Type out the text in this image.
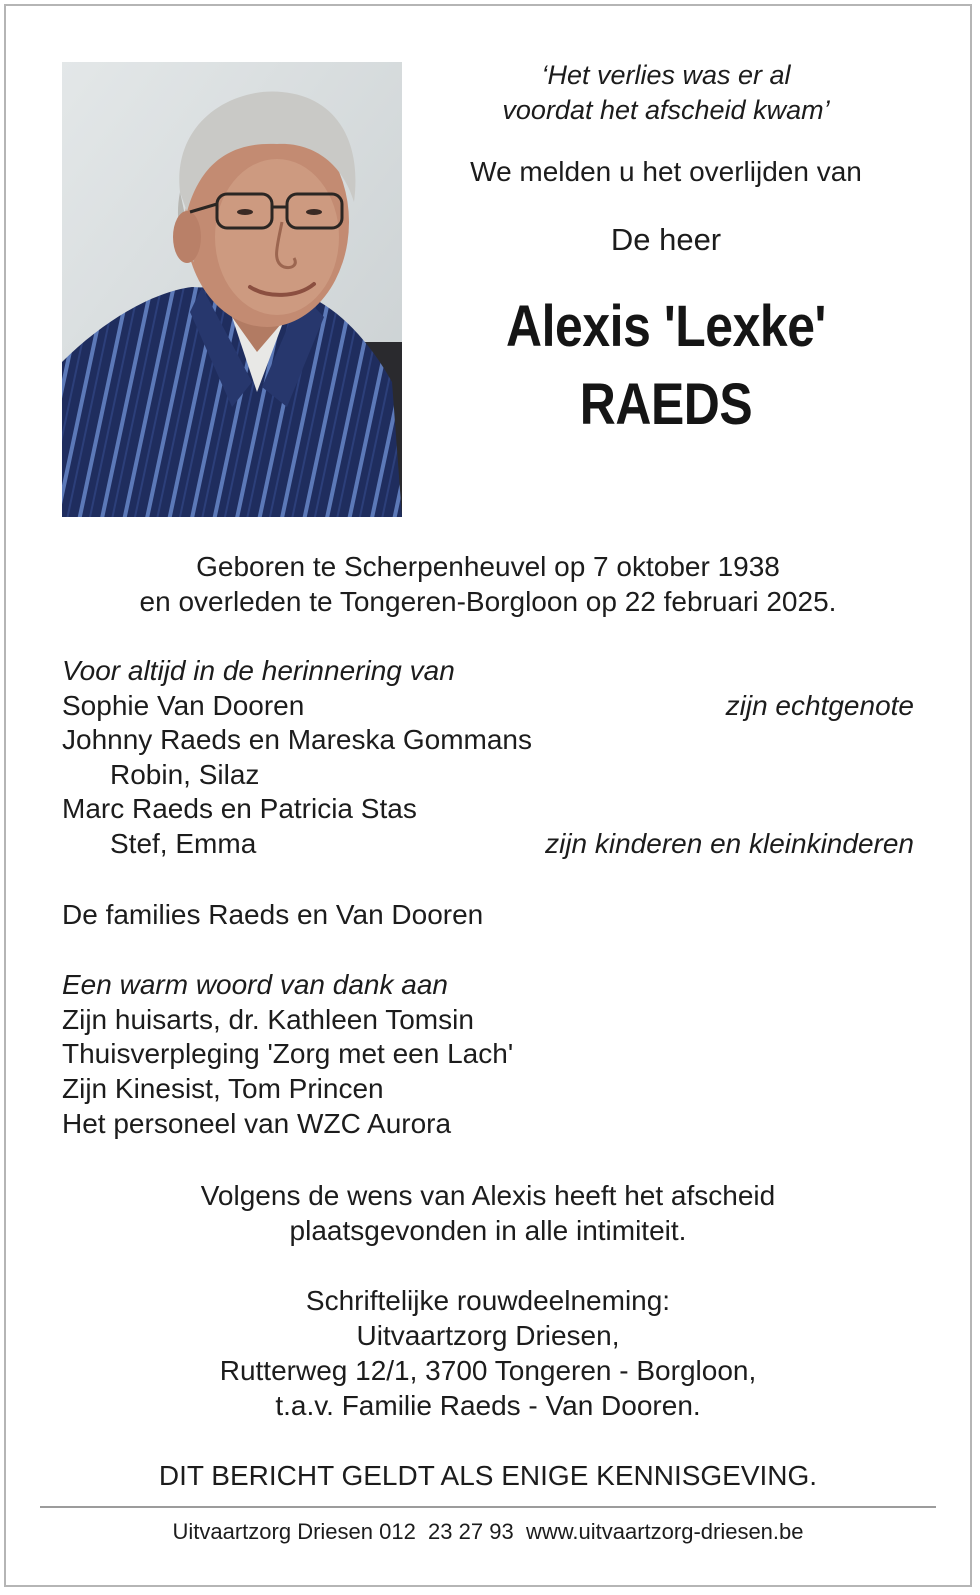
‘Het verlies was er al
voordat het afscheid kwam’
We melden u het overlijden van
De heer
Alexis 'Lexke'
RAEDS
Geboren te Scherpenheuvel op 7 oktober 1938
en overleden te Tongeren-Borgloon op 22 februari 2025.
Voor altijd in de herinnering van
Sophie Van Dooren	zijn echtgenote
Johnny Raeds en Mareska Gommans
Robin, Silaz
Marc Raeds en Patricia Stas
Stef, Emma	zijn kinderen en kleinkinderen
De families Raeds en Van Dooren
Een warm woord van dank aan
Zijn huisarts, dr. Kathleen Tomsin
Thuisverpleging 'Zorg met een Lach'
Zijn Kinesist, Tom Princen
Het personeel van WZC Aurora
Volgens de wens van Alexis heeft het afscheid
plaatsgevonden in alle intimiteit.
Schriftelijke rouwdeelneming:
Uitvaartzorg Driesen,
Rutterweg 12/1, 3700 Tongeren - Borgloon,
t.a.v. Familie Raeds - Van Dooren.
DIT BERICHT GELDT ALS ENIGE KENNISGEVING.
Uitvaartzorg Driesen 012  23 27 93 www.uitvaartzorg-driesen.be
